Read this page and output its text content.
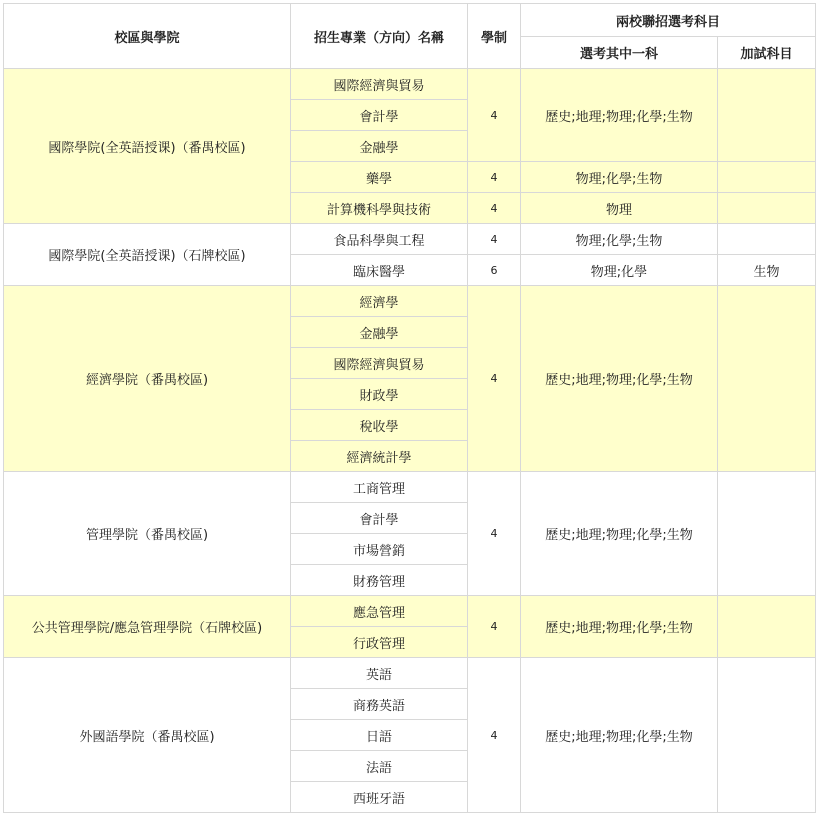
校區與學院	招生專業（方向）名稱	學制	兩校聯招選考科目	
			選考其中一科	加試科目
國際學院(全英語授课)（番禺校區)	國際經濟與貿易	4	歷史;地理;物理;化學;生物	
	會計學			
	金融學			
	藥學	4	物理;化學;生物	
	計算機科學與技術	4	物理	
國際學院(全英語授课)（石牌校區)	食品科學與工程	4	物理;化學;生物	
	臨床醫學	6	物理;化學	生物
經濟學院（番禺校區)	經濟學	4	歷史;地理;物理;化學;生物	
	金融學			
	國際經濟與貿易			
	財政學			
	稅收學			
	經濟統計學			
管理學院（番禺校區)	工商管理	4	歷史;地理;物理;化學;生物	
	會計學			
	市場營銷			
	財務管理			
公共管理學院/應急管理學院（石牌校區)	應急管理	4	歷史;地理;物理;化學;生物	
	行政管理			
外國語學院（番禺校區)	英語	4	歷史;地理;物理;化學;生物	
	商務英語			
	日語			
	法語			
	西班牙語			
